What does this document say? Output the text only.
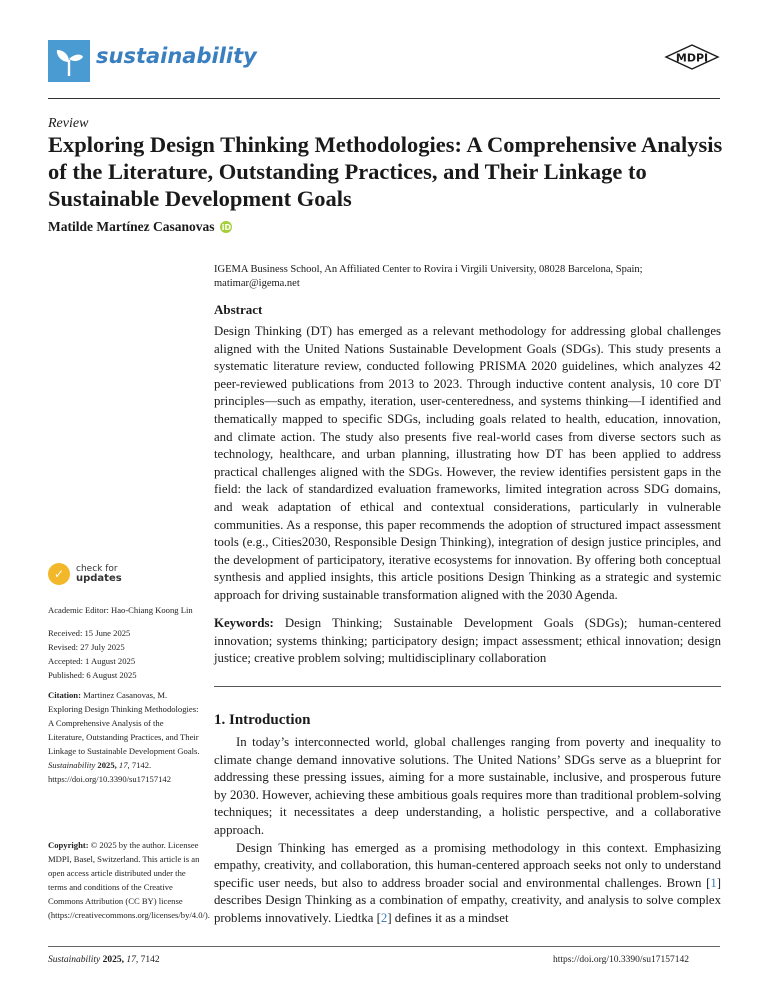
sustainability	MDPI
Review
Exploring Design Thinking Methodologies: A Comprehensive Analysis of the Literature, Outstanding Practices, and Their Linkage to Sustainable Development Goals
Matilde Martínez Casanovas iD
IGEMA Business School, An Affiliated Center to Rovira i Virgili University, 08028 Barcelona, Spain; matimar@igema.net
Abstract
Design Thinking (DT) has emerged as a relevant methodology for addressing global challenges aligned with the United Nations Sustainable Development Goals (SDGs). This study presents a systematic literature review, conducted following PRISMA 2020 guidelines, which analyzes 42 peer-reviewed publications from 2013 to 2023. Through inductive content analysis, 10 core DT principles—such as empathy, iteration, user-centeredness, and systems thinking—I identified and thematically mapped to specific SDGs, including goals related to health, education, innovation, and climate action. The study also presents five real-world cases from diverse sectors such as technology, healthcare, and urban planning, illustrating how DT has been applied to address practical challenges aligned with the SDGs. However, the review identifies persistent gaps in the field: the lack of standardized evaluation frameworks, limited integration across SDG domains, and weak adaptation of ethical and contextual considerations, particularly in vulnerable communities. As a response, this paper recommends the adoption of structured impact assessment tools (e.g., Cities2030, Responsible Design Thinking), integration of design justice principles, and the development of participatory, iterative ecosystems for innovation. By offering both conceptual synthesis and applied insights, this article positions Design Thinking as a strategic and systemic approach for driving sustainable transformation aligned with the 2030 Agenda.
Keywords: Design Thinking; Sustainable Development Goals (SDGs); human-centered innovation; systems thinking; participatory design; impact assessment; ethical innovation; design justice; creative problem solving; multidisciplinary collaboration
1. Introduction

In today’s interconnected world, global challenges ranging from poverty and inequality to climate change demand innovative solutions. The United Nations’ SDGs serve as a blueprint for addressing these pressing issues, aiming for a more sustainable, inclusive, and prosperous future by 2030. However, achieving these ambitious goals requires more than traditional problem-solving techniques; it necessitates a deep understanding, a holistic perspective, and a collaborative approach.

Design Thinking has emerged as a promising methodology in this context. Emphasizing empathy, creativity, and collaboration, this human-centered approach seeks not only to understand specific user needs, but also to address broader social and environmental challenges. Brown [1] describes Design Thinking as a combination of empathy, creativity, and analysis to solve complex problems innovatively. Liedtka [2] defines it as a mindset

✓	check for
updates
Academic Editor: Hao-Chiang Koong Lin
Received: 15 June 2025
Revised: 27 July 2025
Accepted: 1 August 2025
Published: 6 August 2025
Citation: Martinez Casanovas, M. Exploring Design Thinking Methodologies: A Comprehensive Analysis of the Literature, Outstanding Practices, and Their Linkage to Sustainable Development Goals. Sustainability 2025, 17, 7142. https://doi.org/10.3390/su17157142
Copyright: © 2025 by the author. Licensee MDPI, Basel, Switzerland. This article is an open access article distributed under the terms and conditions of the Creative Commons Attribution (CC BY) license (https://creativecommons.org/licenses/by/4.0/).
Sustainability 2025, 17, 7142	https://doi.org/10.3390/su17157142
